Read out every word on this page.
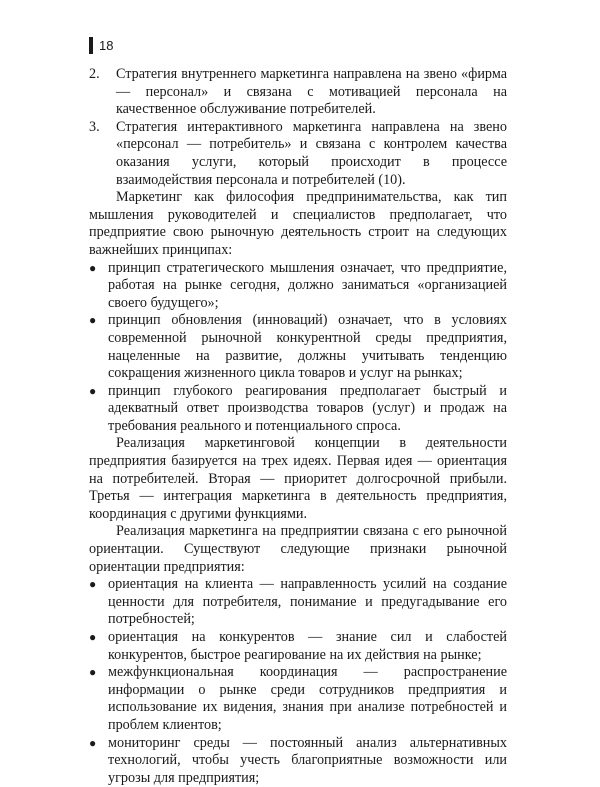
18
2.	Стратегия внутреннего маркетинга направлена на звено «фирма — персонал» и связана с мотивацией персонала на качественное обслуживание потребителей.
3.	Стратегия интерактивного маркетинга направлена на звено «персонал — потребитель» и связана с контролем качества оказания услуги, который происходит в процессе взаимодействия персонала и потребителей (10).

Маркетинг как философия предпринимательства, как тип мышления руководителей и специалистов предполагает, что предприятие свою рыночную деятельность строит на следующих важнейших принципах:

● принцип стратегического мышления означает, что предприятие, работая на рынке сегодня, должно заниматься «организацией своего будущего»;
● принцип обновления (инноваций) означает, что в условиях современной рыночной конкурентной среды предприятия, нацеленные на развитие, должны учитывать тенденцию сокращения жизненного цикла товаров и услуг на рынках;
● принцип глубокого реагирования предполагает быстрый и адекватный ответ производства товаров (услуг) и продаж на требования реального и потенциального спроса.

Реализация маркетинговой концепции в деятельности предприятия базируется на трех идеях. Первая идея — ориентация на потребителей. Вторая — приоритет долгосрочной прибыли. Третья — интеграция маркетинга в деятельность предприятия, координация с другими функциями.

Реализация маркетинга на предприятии связана с его рыночной ориентации. Существуют следующие признаки рыночной ориентации предприятия:

● ориентация на клиента — направленность усилий на создание ценности для потребителя, понимание и предугадывание его потребностей;
● ориентация на конкурентов — знание сил и слабостей конкурентов, быстрое реагирование на их действия на рынке;
● межфункциональная координация — распространение информации о рынке среди сотрудников предприятия и использование их видения, знания при анализе потребностей и проблем клиентов;
● мониторинг среды — постоянный анализ альтернативных технологий, чтобы учесть благоприятные возможности или угрозы для предприятия;
